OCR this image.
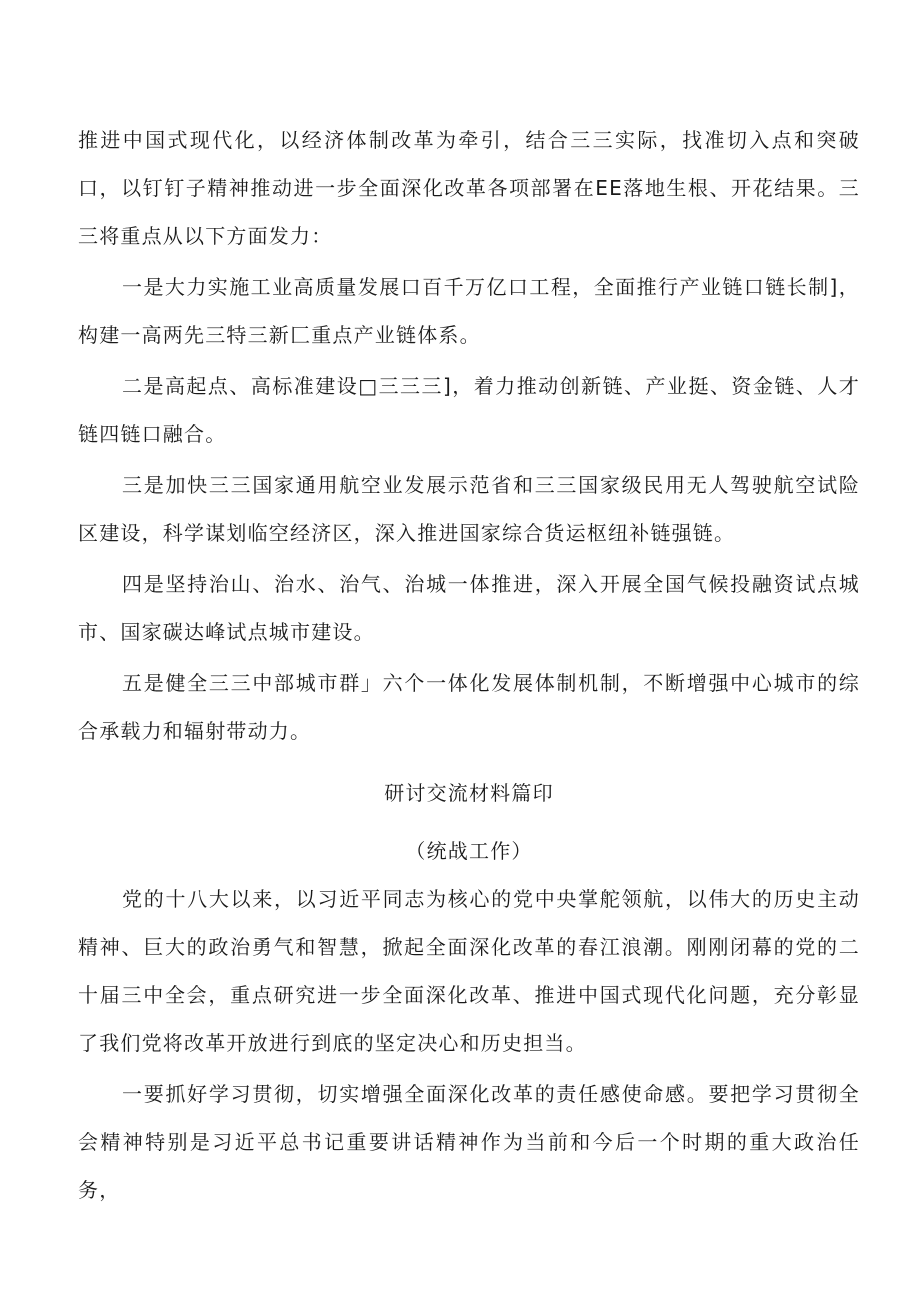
推进中国式现代化，以经济体制改革为牵引，结合三三实际，找准切入点和突破口，以钉钉子精神推动进一步全面深化改革各项部署在EE落地生根、开花结果。三三将重点从以下方面发力：

一是大力实施工业高质量发展口百千万亿口工程，全面推行产业链口链长制]，构建一高两先三特三新匚重点产业链体系。

二是高起点、高标准建设□三三三]，着力推动创新链、产业挺、资金链、人才链四链口融合。

三是加快三三国家通用航空业发展示范省和三三国家级民用无人驾驶航空试险区建设，科学谋划临空经济区，深入推进国家综合货运枢纽补链强链。

四是坚持治山、治水、治气、治城一体推进，深入开展全国气候投融资试点城市、国家碳达峰试点城市建设。

五是健全三三中部城市群」六个一体化发展体制机制，不断增强中心城市的综合承载力和辐射带动力。

研讨交流材料篇印

（统战工作）

党的十八大以来，以习近平同志为核心的党中央掌舵领航，以伟大的历史主动精神、巨大的政治勇气和智慧，掀起全面深化改革的春江浪潮。刚刚闭幕的党的二十届三中全会，重点研究进一步全面深化改革、推进中国式现代化问题，充分彰显了我们党将改革开放进行到底的坚定决心和历史担当。

一要抓好学习贯彻，切实增强全面深化改革的责任感使命感。要把学习贯彻全会精神特别是习近平总书记重要讲话精神作为当前和今后一个时期的重大政治任务，
